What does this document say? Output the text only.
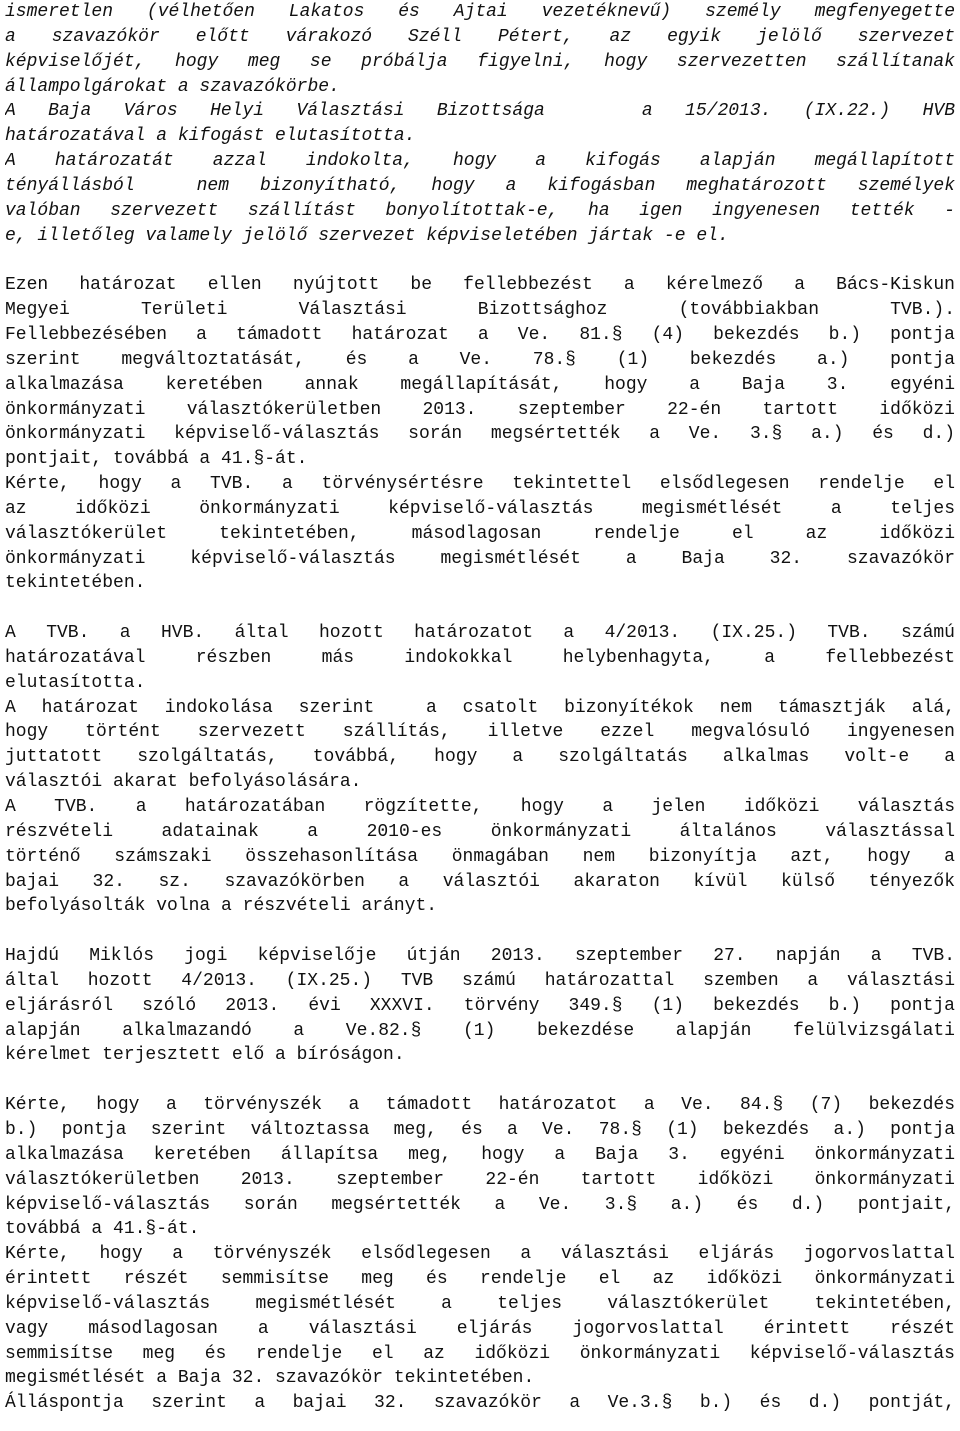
ismeretlen (vélhetően Lakatos és Ajtai vezetéknevű) személy megfenyegette
a szavazókör előtt várakozó Széll Pétert, az egyik jelölő szervezet
képviselőjét, hogy meg se próbálja figyelni, hogy szervezetten szállítanak
állampolgárokat a szavazókörbe.
A Baja Város Helyi Választási Bizottsága   a 15/2013. (IX.22.) HVB
határozatával a kifogást elutasította.
A határozatát azzal indokolta, hogy a kifogás alapján megállapított
tényállásból  nem bizonyítható, hogy a kifogásban meghatározott személyek
valóban szervezett szállítást bonyolítottak-e, ha igen ingyenesen tették -
e, illetőleg valamely jelölő szervezet képviseletében jártak -e el.
Ezen határozat ellen nyújtott be fellebbezést a kérelmező a Bács-Kiskun
Megyei Területi Választási Bizottsághoz (továbbiakban TVB.).
Fellebbezésében a támadott határozat a Ve. 81.§ (4) bekezdés b.) pontja
szerint megváltoztatását, és a Ve. 78.§ (1) bekezdés a.) pontja
alkalmazása keretében annak megállapítását, hogy a Baja 3. egyéni
önkormányzati választókerületben 2013. szeptember 22-én tartott időközi
önkormányzati képviselő-választás során megsértették a Ve. 3.§ a.) és d.)
pontjait, továbbá a 41.§-át.
Kérte, hogy a TVB. a törvénysértésre tekintettel elsődlegesen rendelje el
az időközi önkormányzati képviselő-választás megismétlését a teljes
választókerület tekintetében, másodlagosan rendelje el az időközi
önkormányzati képviselő-választás megismétlését a Baja 32. szavazókör
tekintetében.
A TVB. a HVB. által hozott határozatot a 4/2013. (IX.25.) TVB. számú
határozatával részben más indokokkal helybenhagyta, a fellebbezést
elutasította.
A határozat indokolása szerint  a csatolt bizonyítékok nem támasztják alá,
hogy történt szervezett szállítás, illetve ezzel megvalósuló ingyenesen
juttatott szolgáltatás, továbbá, hogy a szolgáltatás alkalmas volt-e a
választói akarat befolyásolására.
A TVB. a határozatában rögzítette, hogy a jelen időközi választás
részvételi adatainak a 2010-es önkormányzati általános választással
történő számszaki összehasonlítása önmagában nem bizonyítja azt, hogy a
bajai 32. sz. szavazókörben a választói akaraton kívül külső tényezők
befolyásolták volna a részvételi arányt.
Hajdú Miklós jogi képviselője útján 2013. szeptember 27. napján a TVB.
által hozott 4/2013. (IX.25.) TVB számú határozattal szemben a választási
eljárásról szóló 2013. évi XXXVI. törvény 349.§ (1) bekezdés b.) pontja
alapján alkalmazandó a Ve.82.§ (1) bekezdése alapján felülvizsgálati
kérelmet terjesztett elő a bíróságon.
Kérte, hogy a törvényszék a támadott határozatot a Ve. 84.§ (7) bekezdés
b.) pontja szerint változtassa meg, és a Ve. 78.§ (1) bekezdés a.) pontja
alkalmazása keretében állapítsa meg, hogy a Baja 3. egyéni önkormányzati
választókerületben 2013. szeptember 22-én tartott időközi önkormányzati
képviselő-választás során megsértették a Ve. 3.§ a.) és d.) pontjait,
továbbá a 41.§-át.
Kérte, hogy a törvényszék elsődlegesen a választási eljárás jogorvoslattal
érintett részét semmisítse meg és rendelje el az időközi önkormányzati
képviselő-választás megismétlését a teljes választókerület tekintetében,
vagy másodlagosan a választási eljárás jogorvoslattal érintett részét
semmisítse meg és rendelje el az időközi önkormányzati képviselő-választás
megismétlését a Baja 32. szavazókör tekintetében.
Álláspontja szerint a bajai 32. szavazókör a Ve.3.§ b.) és d.) pontját,
